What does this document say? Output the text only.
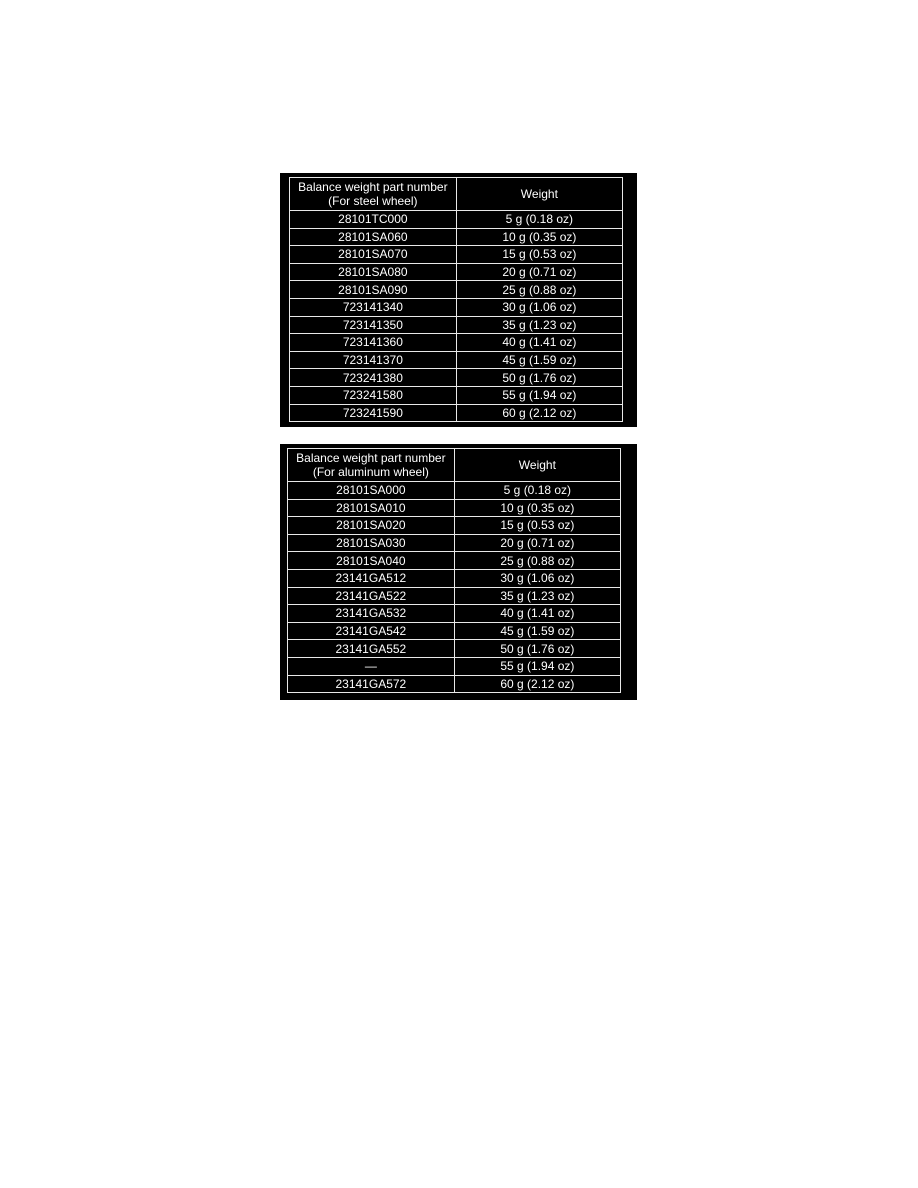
Balance weight part number
(For steel wheel)	Weight
28101TC000	5 g (0.18 oz)
28101SA060	10 g (0.35 oz)
28101SA070	15 g (0.53 oz)
28101SA080	20 g (0.71 oz)
28101SA090	25 g (0.88 oz)
723141340	30 g (1.06 oz)
723141350	35 g (1.23 oz)
723141360	40 g (1.41 oz)
723141370	45 g (1.59 oz)
723241380	50 g (1.76 oz)
723241580	55 g (1.94 oz)
723241590	60 g (2.12 oz)
Balance weight part number
(For aluminum wheel)	Weight
28101SA000	5 g (0.18 oz)
28101SA010	10 g (0.35 oz)
28101SA020	15 g (0.53 oz)
28101SA030	20 g (0.71 oz)
28101SA040	25 g (0.88 oz)
23141GA512	30 g (1.06 oz)
23141GA522	35 g (1.23 oz)
23141GA532	40 g (1.41 oz)
23141GA542	45 g (1.59 oz)
23141GA552	50 g (1.76 oz)
—	55 g (1.94 oz)
23141GA572	60 g (2.12 oz)
